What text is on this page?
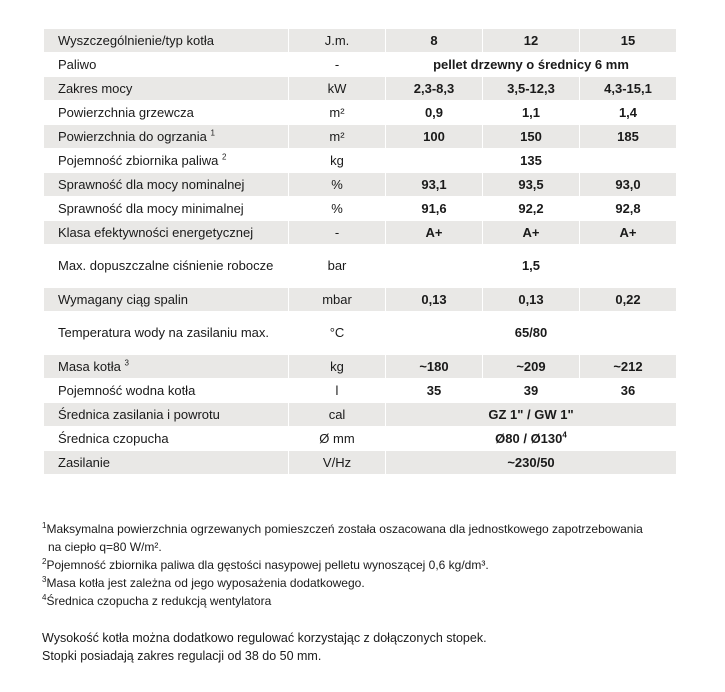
Wyszczególnienie/typ kotła	J.m.	8	12	15
Paliwo	-	pellet drzewny o średnicy 6 mm		
Zakres mocy	kW	2,3-8,3	3,5-12,3	4,3-15,1
Powierzchnia grzewcza	m²	0,9	1,1	1,4
Powierzchnia do ogrzania $^1$	m²	100	150	185
Pojemność zbiornika paliwa $^2$	kg	135		
Sprawność dla mocy nominalnej	%	93,1	93,5	93,0
Sprawność dla mocy minimalnej	%	91,6	92,2	92,8
Klasa efektywności energetycznej	-	A+	A+	A+
Max. dopuszczalne ciśnienie robocze	bar	1,5		
Wymagany ciąg spalin	mbar	0,13	0,13	0,22
Temperatura wody na zasilaniu max.	°C	65/80		
Masa kotła $^3$	kg	~180	~209	~212
Pojemność wodna kotła	l	35	39	36
Średnica zasilania i powrotu	cal	GZ 1" / GW 1"		
Średnica czopucha	Ø mm	Ø80 / $Ø130^4$
Zasilanie	V/Hz	~230/50		

$^1$Maksymalna powierzchnia ogrzewanych pomieszczeń została oszacowana dla jednostkowego zapotrzebowania

na ciepło q=80 W/m².

$^2$Pojemność zbiornika paliwa dla gęstości nasypowej pelletu wynoszącej 0,6 kg/dm³.

$^3$Masa kotła jest zależna od jego wyposażenia dodatkowego.

$^4$Średnica czopucha z redukcją wentylatora

Wysokość kotła można dodatkowo regulować korzystając z dołączonych stopek.

Stopki posiadają zakres regulacji od 38 do 50 mm.
